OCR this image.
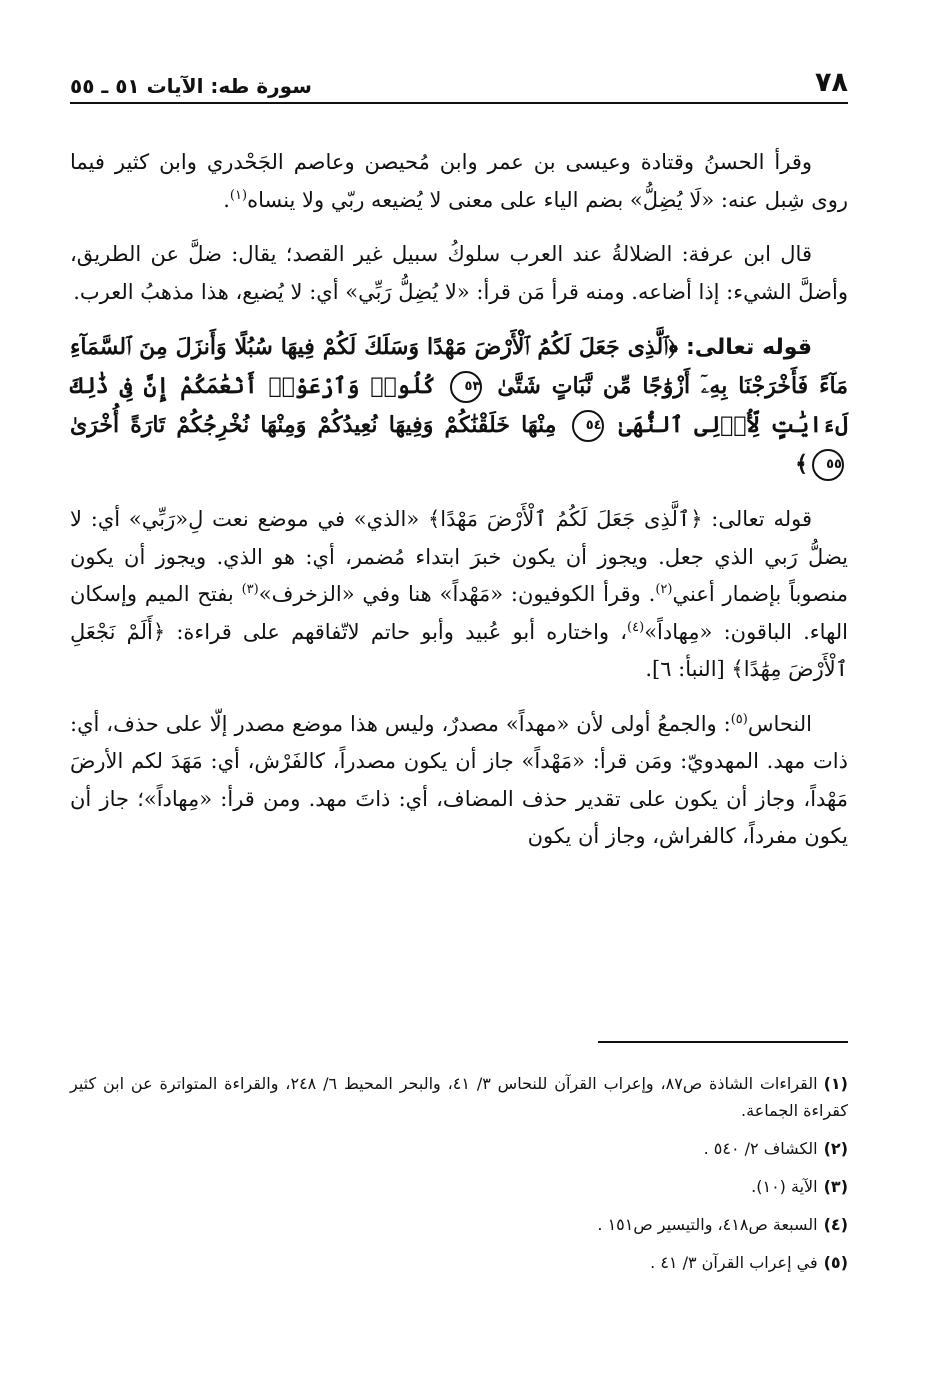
٧٨
سورة طه: الآيات ٥١ ـ ٥٥

وقرأ الحسنُ وقتادة وعيسى بن عمر وابن مُحيصن وعاصم الجَحْدري وابن كثير فيما روى شِبل عنه: «لَا يُضِلُّ» بضم الياء على معنى لا يُضيعه ربّي ولا ينساه$^{(١)}$.

قال ابن عرفة: الضلالةُ عند العرب سلوكُ سبيل غير القصد؛ يقال: ضلَّ عن الطريق، وأضلَّ الشيء: إذا أضاعه. ومنه قرأ مَن قرأ: «لا يُضِلُّ رَبِّي» أي: لا يُضيع، هذا مذهبُ العرب.

قوله تعالى: ﴿ٱلَّذِى جَعَلَ لَكُمُ ٱلْأَرْضَ مَهْدًا وَسَلَكَ لَكُمْ فِيهَا سُبُلًا وَأَنزَلَ مِنَ ٱلسَّمَآءِ مَآءً فَأَخْرَجْنَا بِهِۦٓ أَزْوَٰجًا مِّن نَّبَاتٍ شَتَّىٰ ٥٣ كُلُوا۟ وَٱرْعَوْا۟ أَنْعَٰمَكُمْ إِنَّ فِى ذَٰلِكَ لَءَايَٰتٍ لِّأُو۟لِى ٱلنُّهَىٰ ٥٤ مِنْهَا خَلَقْنَٰكُمْ وَفِيهَا نُعِيدُكُمْ وَمِنْهَا نُخْرِجُكُمْ تَارَةً أُخْرَىٰ ٥٥﴾

قوله تعالى: ﴿ٱلَّذِى جَعَلَ لَكُمُ ٱلْأَرْضَ مَهْدًا﴾ «الذي» في موضع نعت لِ«رَبِّي» أي: لا يضلُّ رَبي الذي جعل. ويجوز أن يكون خبرَ ابتداء مُضمر، أي: هو الذي. ويجوز أن يكون منصوباً بإضمار أعني$^{(٢)}$. وقرأ الكوفيون: «مَهْداً» هنا وفي «الزخرف»$^{(٣)}$ بفتح الميم وإسكان الهاء. الباقون: «مِهاداً»$^{(٤)}$، واختاره أبو عُبيد وأبو حاتم لاتّفاقهم على قراءة: ﴿أَلَمْ نَجْعَلِ ٱلْأَرْضَ مِهَٰدًا﴾ [النبأ: ٦].

النحاس$^{(٥)}$: والجمعُ أولى لأن «مهداً» مصدرٌ، وليس هذا موضع مصدر إلّا على حذف، أي: ذات مهد. المهدويّ: ومَن قرأ: «مَهْداً» جاز أن يكون مصدراً، كالفَرْش، أي: مَهَدَ لكم الأرضَ مَهْداً، وجاز أن يكون على تقدير حذف المضاف، أي: ذاتَ مهد. ومن قرأ: «مِهاداً»؛ جاز أن يكون مفرداً، كالفراش، وجاز أن يكون

(١)القراءات الشاذة ص٨٧، وإعراب القرآن للنحاس ٣/ ٤١، والبحر المحيط ٦/ ٢٤٨، والقراءة المتواترة عن ابن كثير كقراءة الجماعة.
(٢)الكشاف ٢/ ٥٤٠ .
(٣)الآية (١٠).
(٤)السبعة ص٤١٨، والتيسير ص١٥١ .
(٥)في إعراب القرآن ٣/ ٤١ .
